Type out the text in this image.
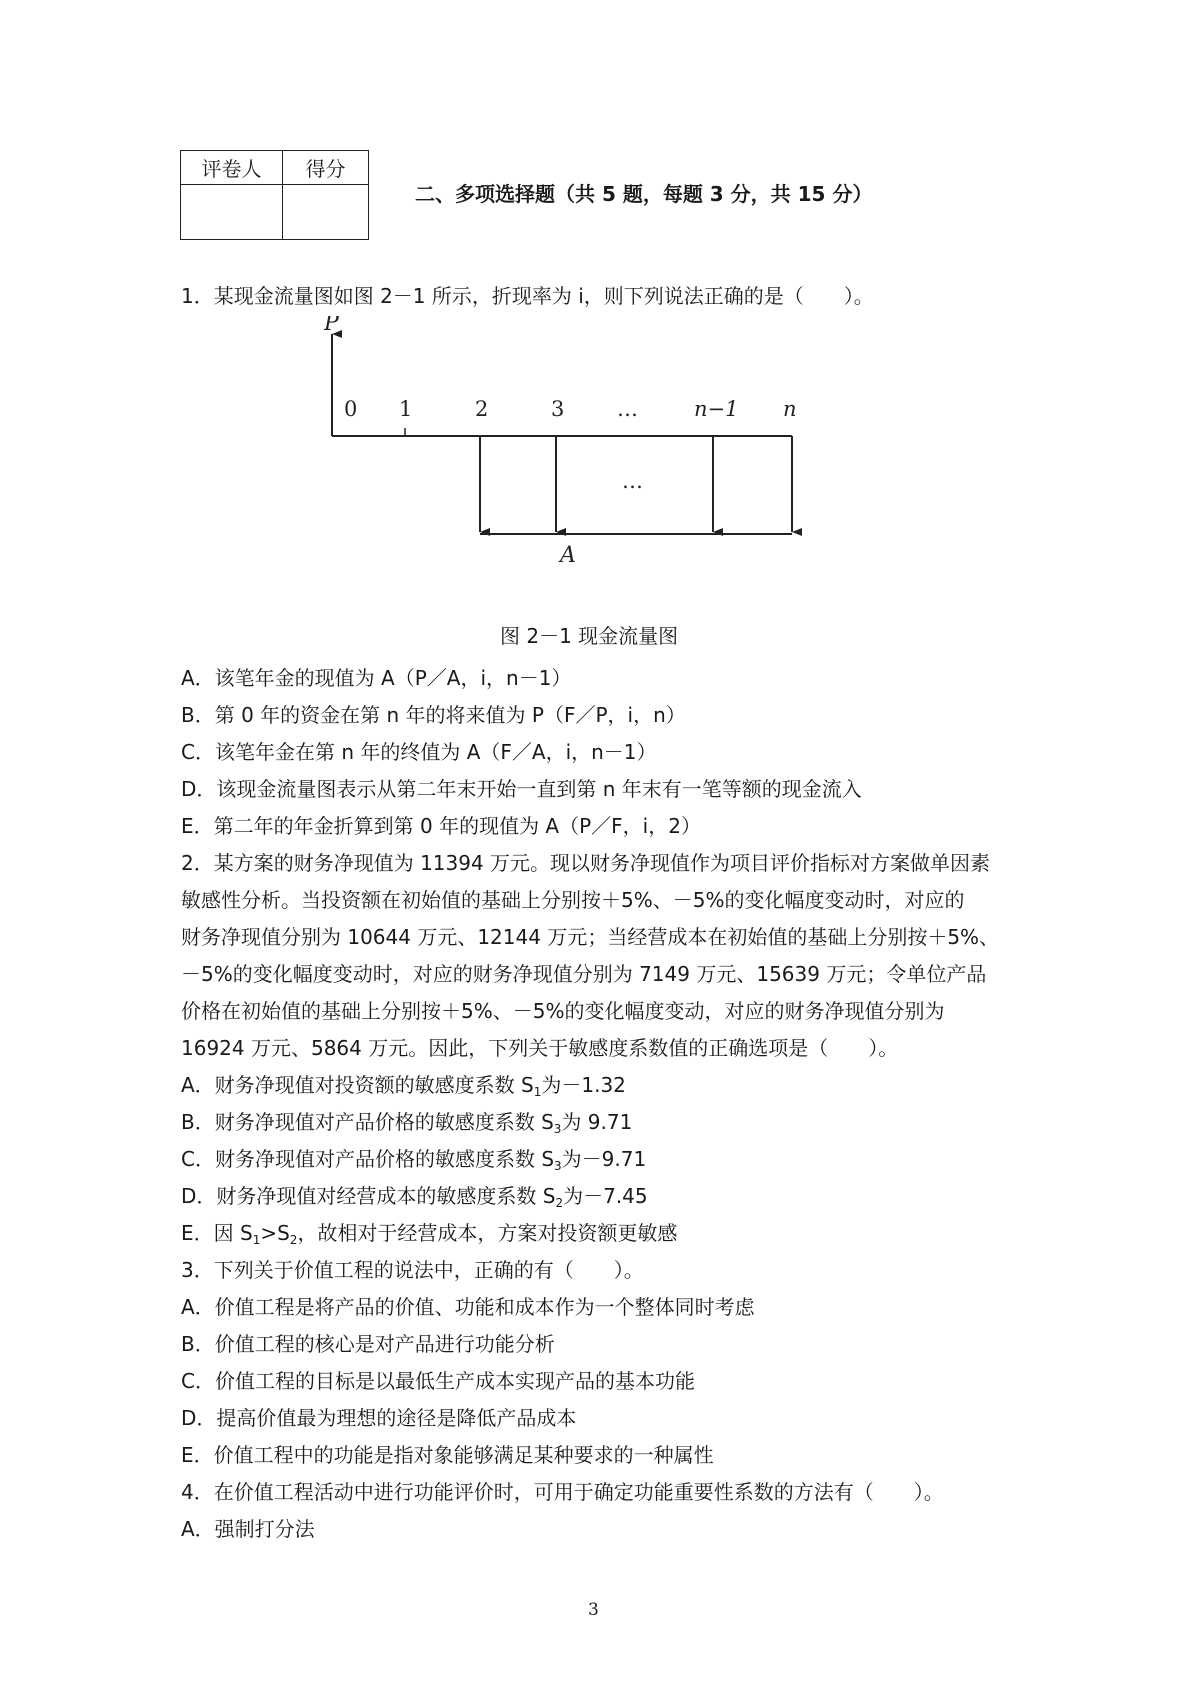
评卷人	得分

二、多项选择题（共 5 题，每题 3 分，共 15 分）
1．某现金流量图如图 2－1 所示，折现率为 i，则下列说法正确的是（　　）。
P
0 1	2	3	…	n−1 n
…
A
图 2－1 现金流量图
A．该笔年金的现值为 A（P／A，i，n－1）
B．第 0 年的资金在第 n 年的将来值为 P（F／P，i，n）
C．该笔年金在第 n 年的终值为 A（F／A，i，n－1）
D．该现金流量图表示从第二年末开始一直到第 n 年末有一笔等额的现金流入
E．第二年的年金折算到第 0 年的现值为 A（P／F，i，2）
2．某方案的财务净现值为 11394 万元。现以财务净现值作为项目评价指标对方案做单因素
敏感性分析。当投资额在初始值的基础上分别按＋5%、－5%的变化幅度变动时，对应的
财务净现值分别为 10644 万元、12144 万元；当经营成本在初始值的基础上分别按＋5%、
－5%的变化幅度变动时，对应的财务净现值分别为 7149 万元、15639 万元；令单位产品
价格在初始值的基础上分别按＋5%、－5%的变化幅度变动，对应的财务净现值分别为
16924 万元、5864 万元。因此，下列关于敏感度系数值的正确选项是（　　）。
A．财务净现值对投资额的敏感度系数 $S_1$为－1.32
B．财务净现值对产品价格的敏感度系数 $S_3$为 9.71
C．财务净现值对产品价格的敏感度系数 $S_3$为－9.71
D．财务净现值对经营成本的敏感度系数 $S_2$为－7.45
E．因 $S_1>S_2$，故相对于经营成本，方案对投资额更敏感
3．下列关于价值工程的说法中，正确的有（　　）。
A．价值工程是将产品的价值、功能和成本作为一个整体同时考虑
B．价值工程的核心是对产品进行功能分析
C．价值工程的目标是以最低生产成本实现产品的基本功能
D．提高价值最为理想的途径是降低产品成本
E．价值工程中的功能是指对象能够满足某种要求的一种属性
4．在价值工程活动中进行功能评价时，可用于确定功能重要性系数的方法有（　　）。
A．强制打分法
3
